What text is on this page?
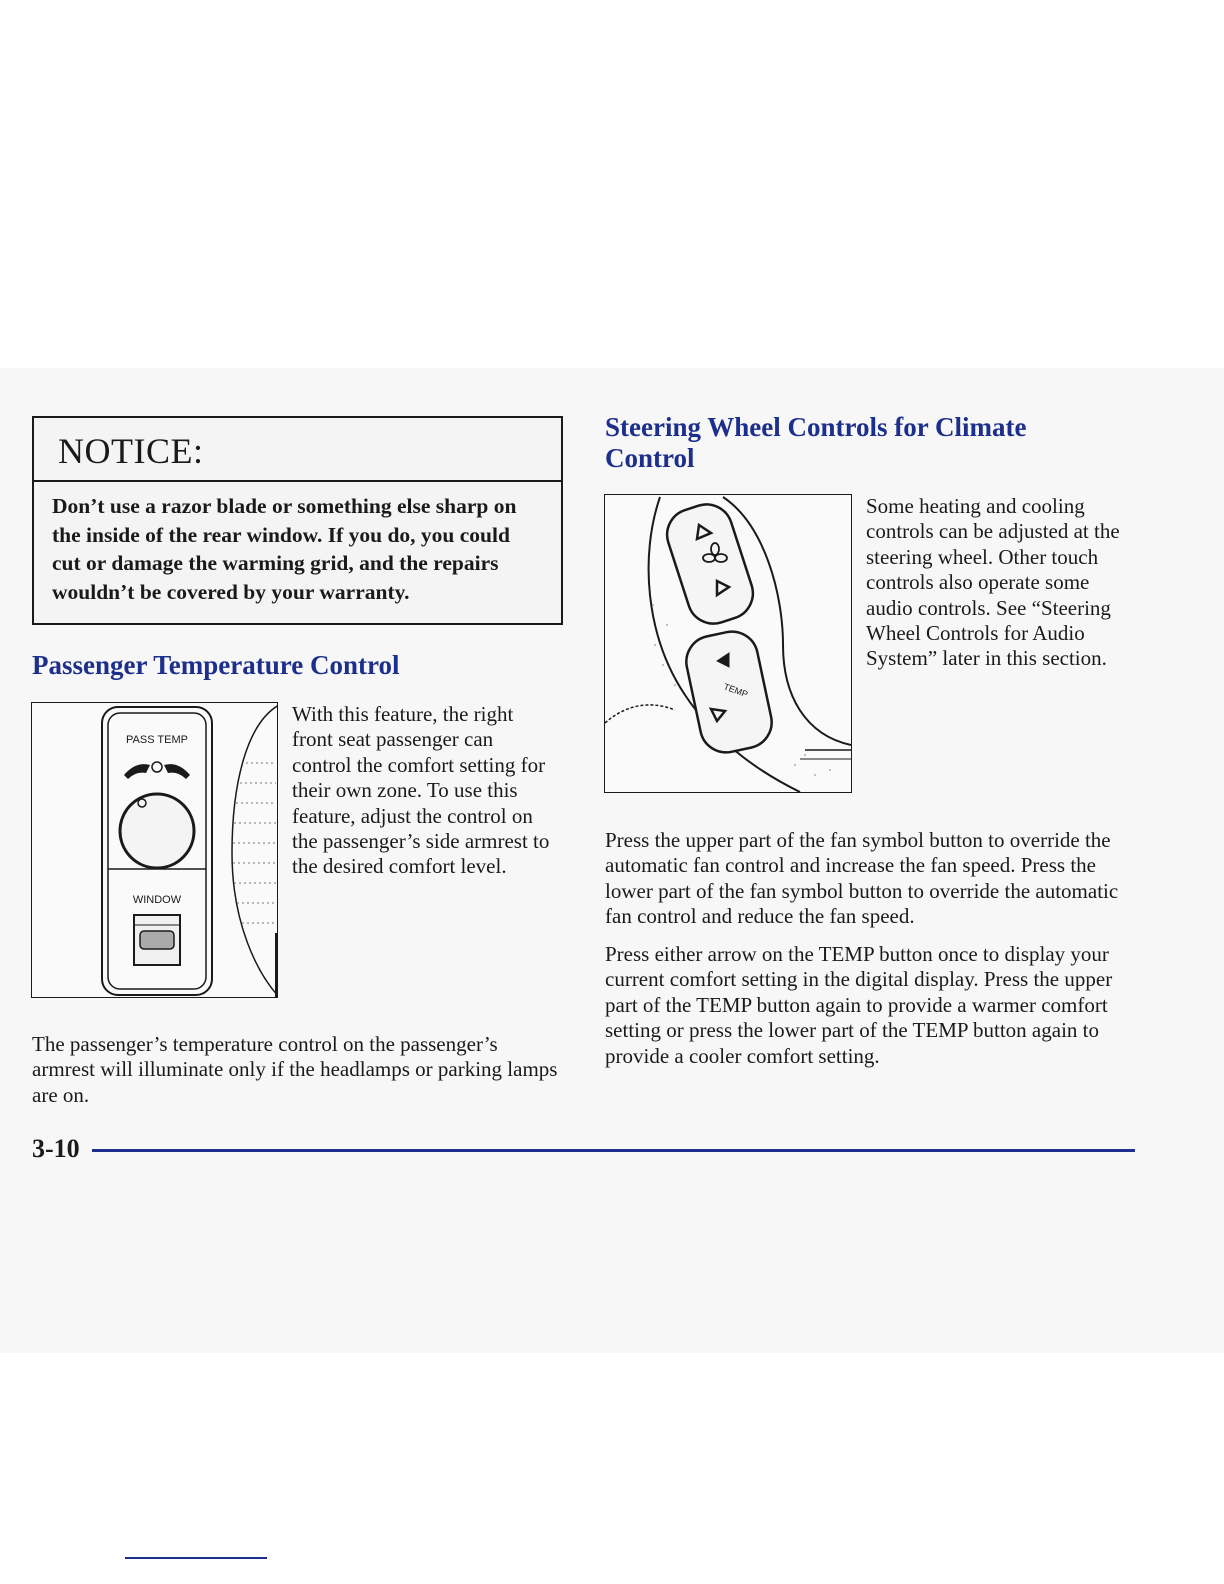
NOTICE:
Don’t use a razor blade or something else sharp on the inside of the rear window. If you do, you could cut or damage the warming grid, and the repairs wouldn’t be covered by your warranty.
Passenger Temperature Control
PASS TEMP
WINDOW
With this feature, the right front seat passenger can control the comfort setting for their own zone. To use this feature, adjust the control on the passenger’s side armrest to the desired comfort level.
The passenger’s temperature control on the passenger’s armrest will illuminate only if the headlamps or parking lamps are on.
Steering Wheel Controls for Climate Control
TEMP
Some heating and cooling controls can be adjusted at the steering wheel. Other touch controls also operate some audio controls. See “Steering Wheel Controls for Audio System” later in this section.
Press the upper part of the fan symbol button to override the automatic fan control and increase the fan speed. Press the lower part of the fan symbol button to override the automatic fan control and reduce the fan speed.
Press either arrow on the TEMP button once to display your current comfort setting in the digital display. Press the upper part of the TEMP button again to provide a warmer comfort setting or press the lower part of the TEMP button again to provide a cooler comfort setting.
3-10
